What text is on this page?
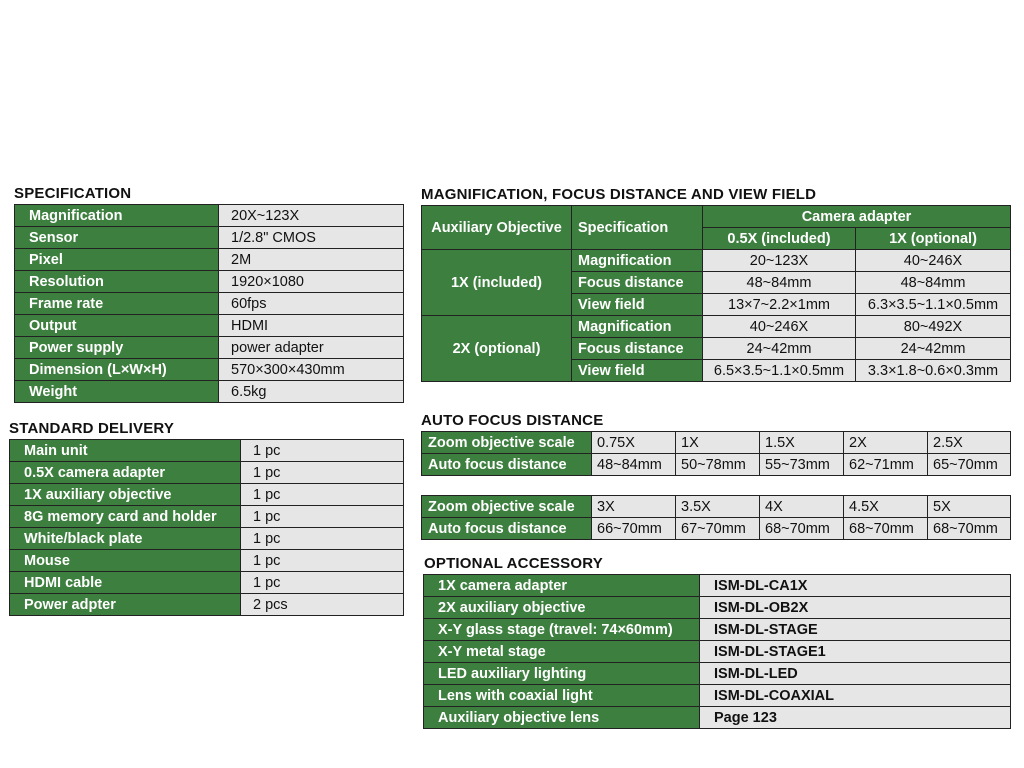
SPECIFICATION
Magnification	20X~123X
Sensor	1/2.8" CMOS
Pixel	2M
Resolution	1920×1080
Frame rate	60fps
Output	HDMI
Power supply	power adapter
Dimension (L×W×H)	570×300×430mm
Weight	6.5kg
STANDARD DELIVERY
Main unit	1 pc
0.5X camera adapter	1 pc
1X auxiliary objective	1 pc
8G memory card and holder	1 pc
White/black plate	1 pc
Mouse	1 pc
HDMI cable	1 pc
Power adpter	2 pcs
MAGNIFICATION, FOCUS DISTANCE AND VIEW FIELD
Auxiliary Objective	Specification	Camera adapter	
		0.5X (included)	1X (optional)
1X (included)	Magnification	20~123X	40~246X
	Focus distance	48~84mm	48~84mm
	View field	13×7~2.2×1mm	6.3×3.5~1.1×0.5mm
2X (optional)	Magnification	40~246X	80~492X
	Focus distance	24~42mm	24~42mm
	View field	6.5×3.5~1.1×0.5mm	3.3×1.8~0.6×0.3mm
AUTO FOCUS DISTANCE
Zoom objective scale	0.75X	1X	1.5X	2X	2.5X
Auto focus distance	48~84mm	50~78mm	55~73mm	62~71mm	65~70mm
Zoom objective scale	3X	3.5X	4X	4.5X	5X
Auto focus distance	66~70mm	67~70mm	68~70mm	68~70mm	68~70mm
OPTIONAL ACCESSORY
1X camera adapter	ISM-DL-CA1X
2X auxiliary objective	ISM-DL-OB2X
X-Y glass stage (travel: 74×60mm)	ISM-DL-STAGE
X-Y metal stage	ISM-DL-STAGE1
LED auxiliary lighting	ISM-DL-LED
Lens with coaxial light	ISM-DL-COAXIAL
Auxiliary objective lens	Page 123
